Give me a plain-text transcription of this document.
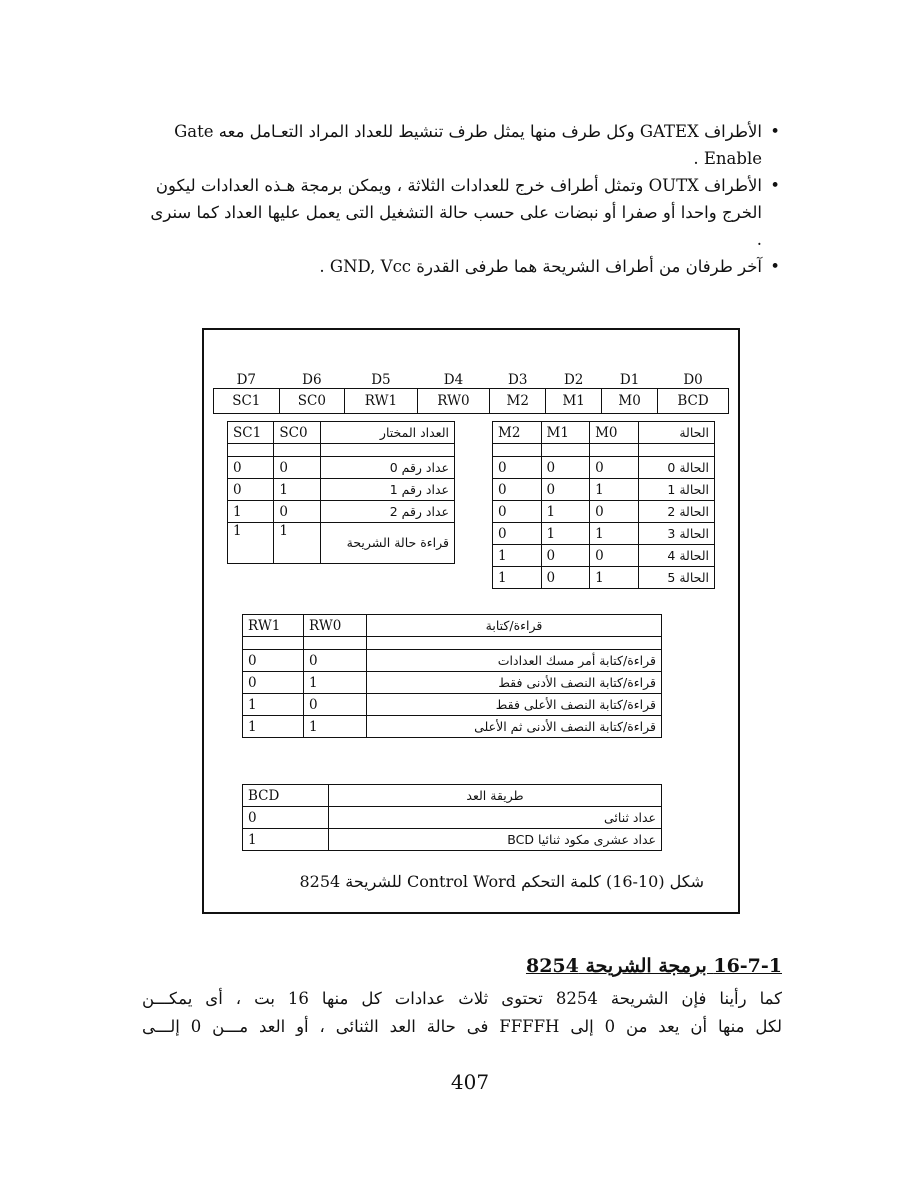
• الأطراف GATEX وكل طرف منها يمثل طرف تنشيط للعداد المراد التعـامل معه Gate Enable .
• الأطراف OUTX وتمثل أطراف خرج للعدادات الثلاثة ، ويمكن برمجة هـذه العدادات ليكون الخرج واحدا أو صفرا أو نبضات على حسب حالة التشغيل التى يعمل عليها العداد كما سنرى .
• آخر طرفان من أطراف الشريحة هما طرفى القدرة GND, Vcc .
D7	D6	D5	D4	D3	D2	D1	D0
SC1	SC0	RW1	RW0	M2	M1	M0	BCD
SC1	SC0	العداد المختار

0	0	عداد رقم 0
0	1	عداد رقم 1
1	0	عداد رقم 2
1	1	قراءة حالة الشريحة
M2	M1	M0	الحالة

0	0	0	الحالة 0
0	0	1	الحالة 1
0	1	0	الحالة 2
0	1	1	الحالة 3
1	0	0	الحالة 4
1	0	1	الحالة 5
RW1	RW0	قراءة/كتابة

0	0	قراءة/كتابة أمر مسك العدادات
0	1	قراءة/كتابة النصف الأدنى فقط
1	0	قراءة/كتابة النصف الأعلى فقط
1	1	قراءة/كتابة النصف الأدنى ثم الأعلى
BCD	طريقة العد
0	عداد ثنائى
1	عداد عشرى مكود ثنائيا BCD
شكل (10-16) كلمة التحكم Control Word للشريحة 8254
16-7-1 برمجة الشريحة 8254
كما رأينا فإن الشريحة 8254 تحتوى ثلاث عدادات كل منها 16 بت ، أى يمكـــن
لكل منها أن يعد من 0 إلى FFFFH فى حالة العد الثنائى ، أو العد مـــن 0 إلـــى
407
